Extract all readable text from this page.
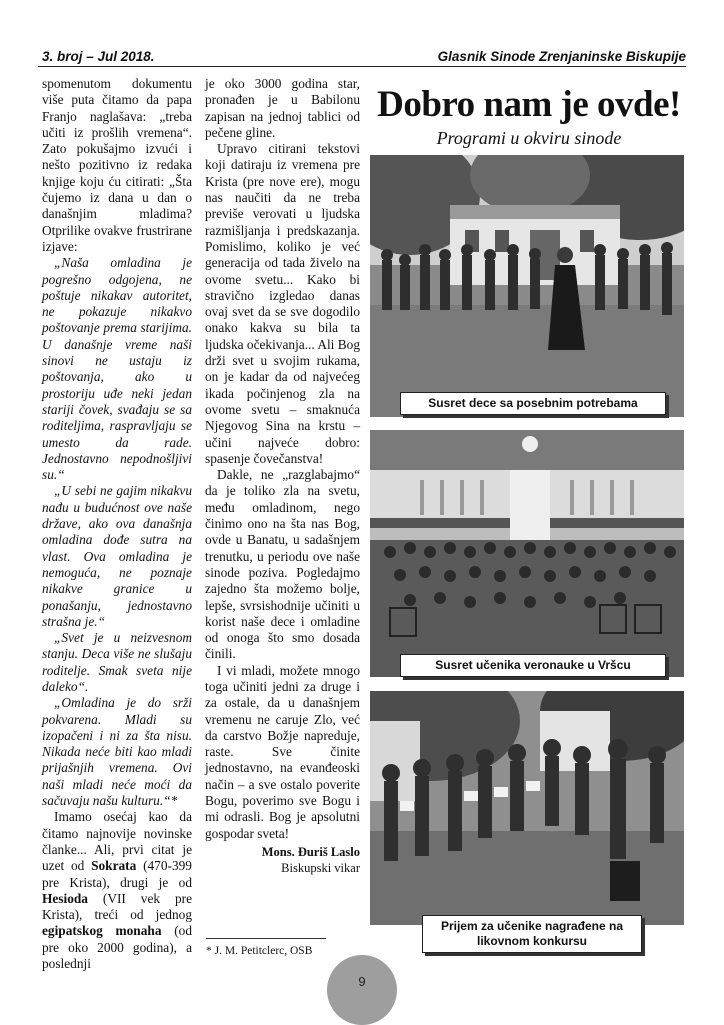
3. broj – Jul 2018.	Glasnik Sinode Zrenjaninske Biskupije

spomenutom dokumentu više puta čitamo da papa Franjo naglašava: „treba učiti iz prošlih vremena“. Zato pokušajmo izvući i nešto pozitivno iz redaka knjige koju ću citirati: „Šta čujemo iz dana u dan o današnjim mladima? Otprilike ovakve frustrirane izjave:

„Naša omladina je pogrešno odgojena, ne poštuje nikakav autoritet, ne pokazuje nikakvo poštovanje prema starijima. U današnje vreme naši sinovi ne ustaju iz poštovanja, ako u prostoriju uđe neki jedan stariji čovek, svađaju se sa roditeljima, raspravljaju se umesto da rade. Jednostavno nepodnošljivi su.“

„U sebi ne gajim nikakvu nađu u budućnost ove naše države, ako ova današnja omladina dođe sutra na vlast. Ova omladina je nemoguća, ne poznaje nikakve granice u ponašanju, jednostavno strašna je.“

„Svet je u neizvesnom stanju. Deca više ne slušaju roditelje. Smak sveta nije daleko“.

„Omladina je do srži pokvarena. Mladi su izopačeni i ni za šta nisu. Nikada neće biti kao mladi prijašnjih vremena. Ovi naši mladi neće moći da sačuvaju našu kulturu.“*

Imamo osećaj kao da čitamo najnovije novinske članke... Ali, prvi citat je uzet od Sokrata (470-399 pre Krista), drugi je od Hesioda (VII vek pre Krista), treći od jednog egipatskog monaha (od pre oko 2000 godina), a poslednji

je oko 3000 godina star, pronađen je u Babilonu zapisan na jednoj tablici od pečene gline.

Upravo citirani tekstovi koji datiraju iz vremena pre Krista (pre nove ere), mogu nas naučiti da ne treba previše verovati u ljudska razmišljanja i predskazanja. Pomislimo, koliko je već generacija od tada živelo na ovome svetu... Kako bi stravično izgledao danas ovaj svet da se sve dogodilo onako kakva su bila ta ljudska očekivanja... Ali Bog drži svet u svojim rukama, on je kadar da od najvećeg ikada počinjenog zla na ovome svetu – smaknuća Njegovog Sina na krstu – učini najveće dobro: spasenje čovečanstva!

Dakle, ne „razglabajmo“ da je toliko zla na svetu, među omladinom, nego činimo ono na šta nas Bog, ovde u Banatu, u sadašnjem trenutku, u periodu ove naše sinode poziva. Pogledajmo zajedno šta možemo bolje, lepše, svrsishodnije učiniti u korist naše dece i omladine od onoga što smo dosada činili.

I vi mladi, možete mnogo toga učiniti jedni za druge i za ostale, da u današnjem vremenu ne caruje Zlo, već da carstvo Božje napreduje, raste. Sve činite jednostavno, na evanđeoski način – a sve ostalo poverite Bogu, poverimo sve Bogu i mi odrasli. Bog je apsolutni gospodar sveta!

Mons. Đuriš Laslo
Biskupski vikar
* J. M. Petitclerc, OSB
Dobro nam je ovde!
Programi u okviru sinode
Susret dece sa posebnim potrebama
Susret učenika veronauke u Vršcu
Prijem za učenike nagrađene na likovnom konkursu
9
